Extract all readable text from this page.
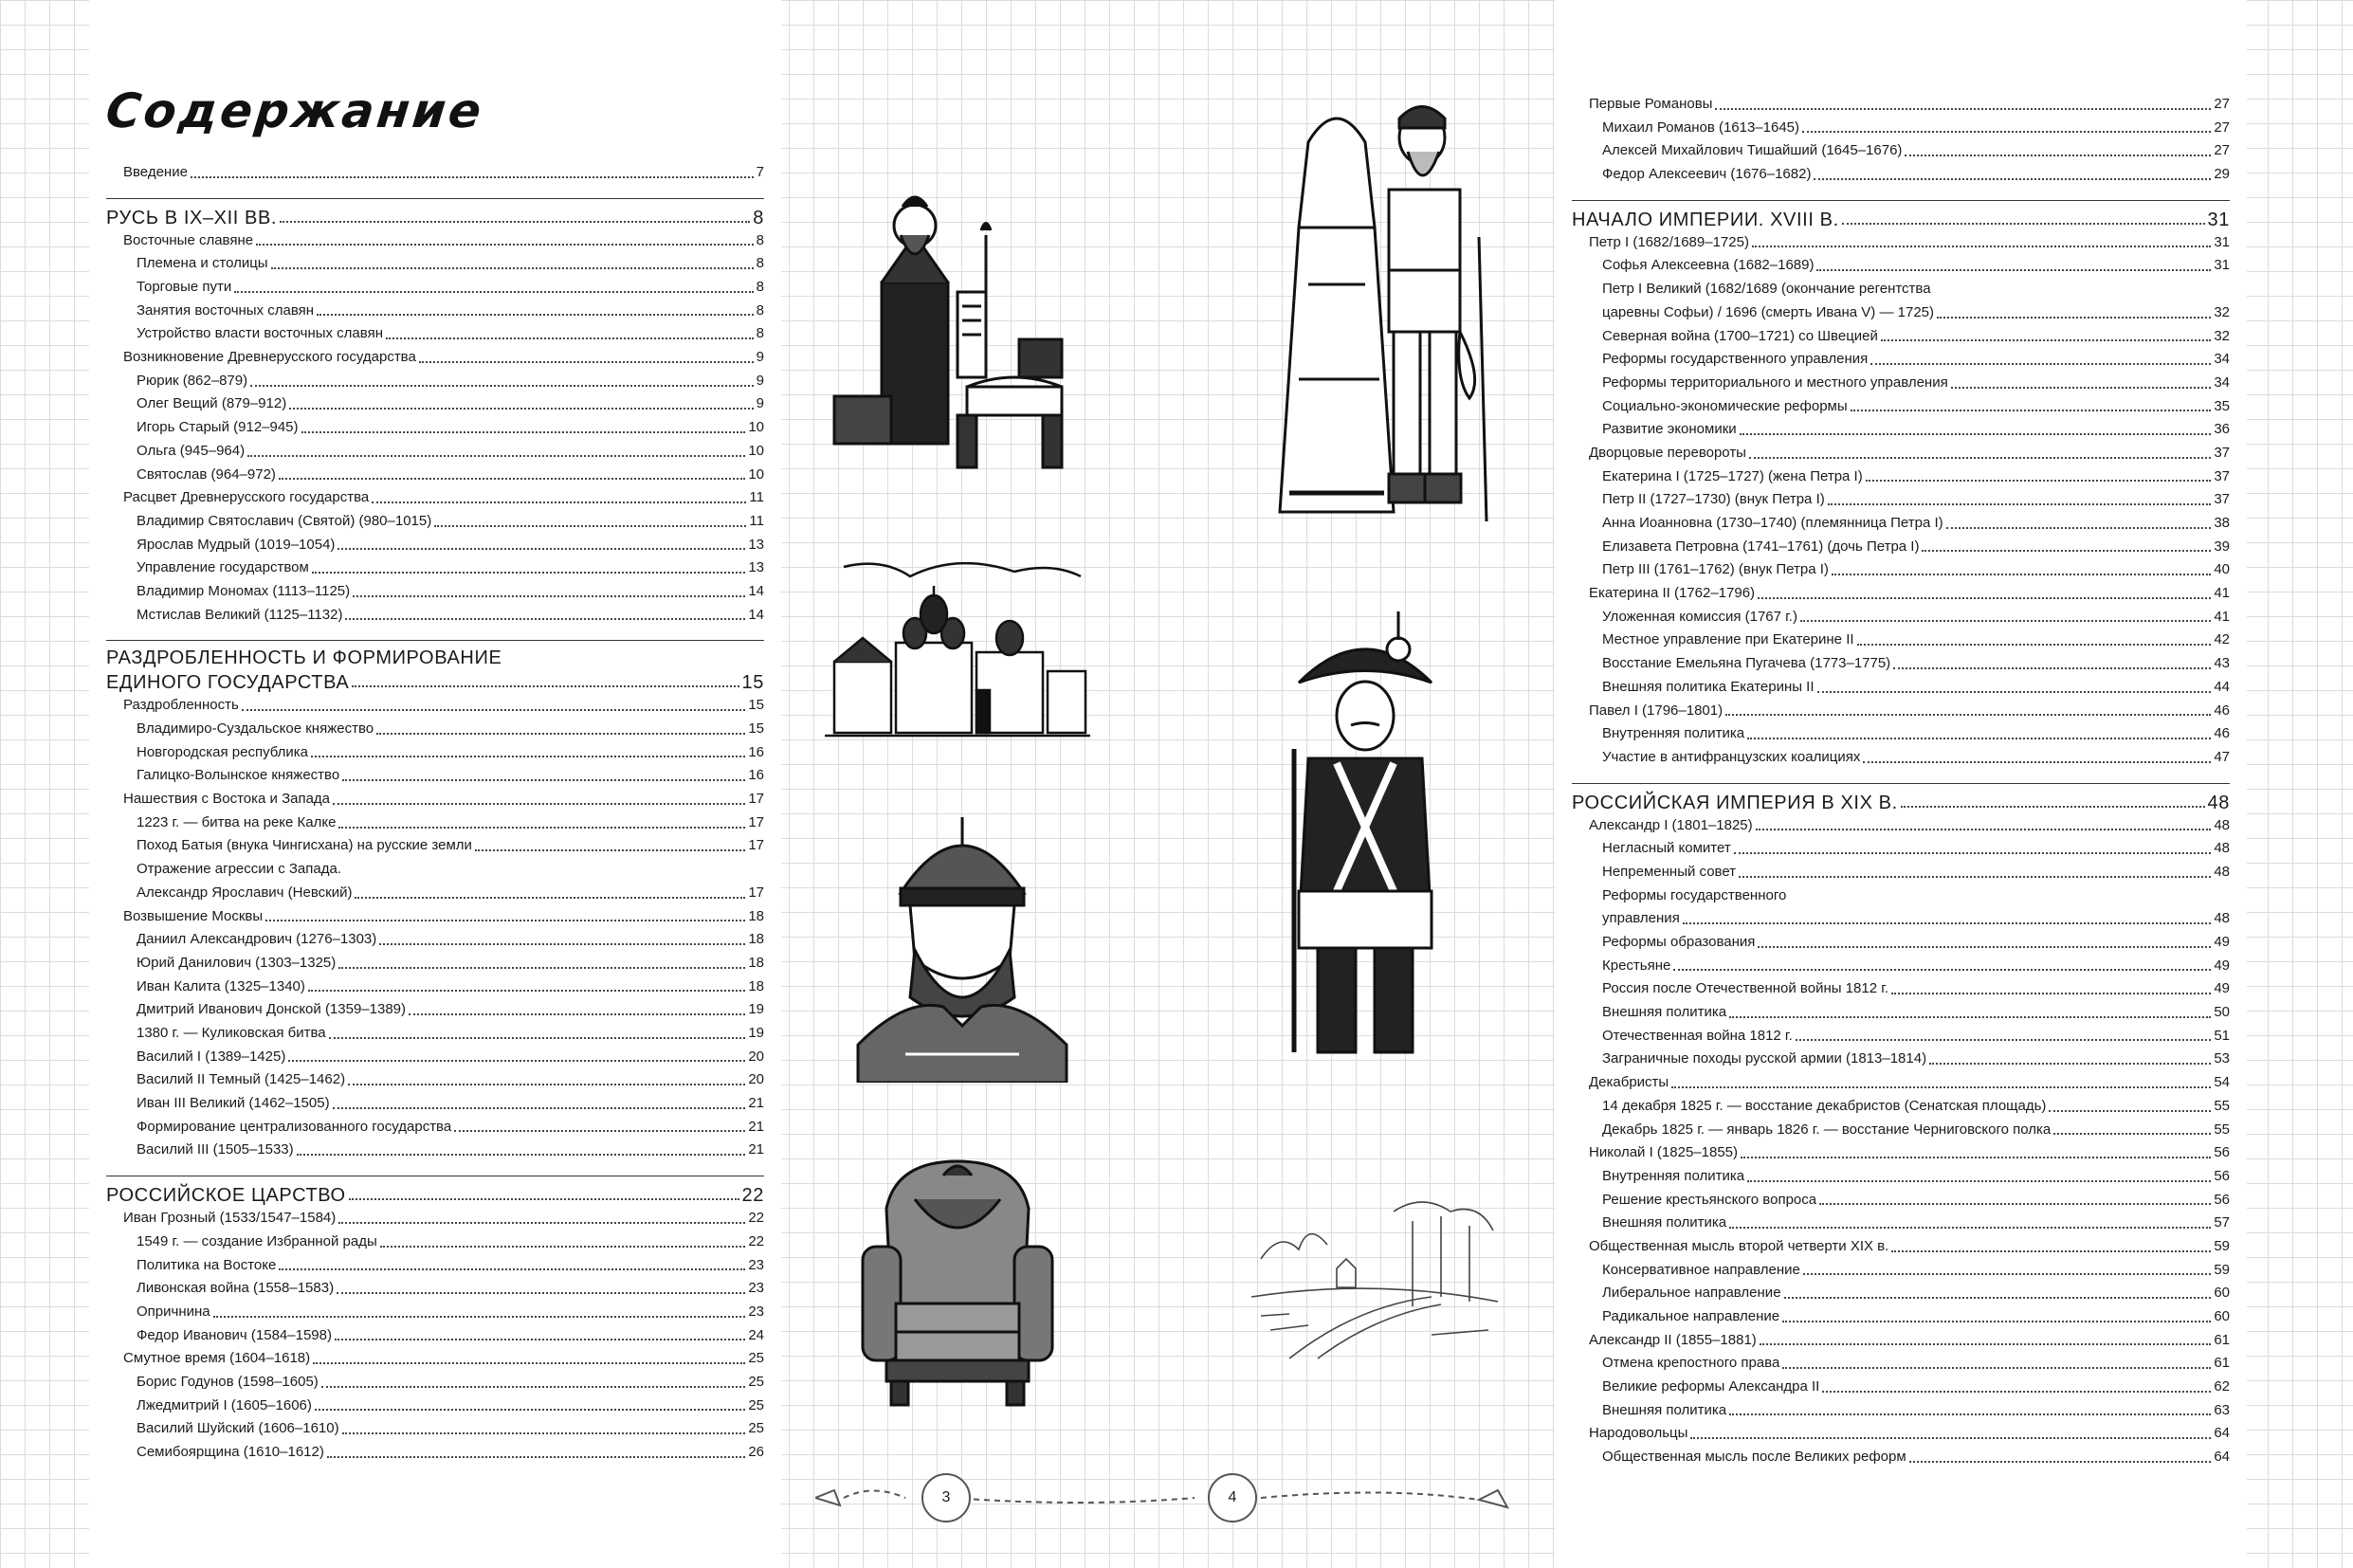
Содержание
Введение	7
РУСЬ В IX–XII ВВ.	8
Восточные славяне	8
Племена и столицы	8
Торговые пути	8
Занятия восточных славян	8
Устройство власти восточных славян	8
Возникновение Древнерусского государства	9
Рюрик (862–879)	9
Олег Вещий (879–912)	9
Игорь Старый (912–945)	10
Ольга (945–964)	10
Святослав (964–972)	10
Расцвет Древнерусского государства	11
Владимир Святославич (Святой) (980–1015)	11
Ярослав Мудрый (1019–1054)	13
Управление государством	13
Владимир Мономах (1113–1125)	14
Мстислав Великий (1125–1132)	14
РАЗДРОБЛЕННОСТЬ И ФОРМИРОВАНИЕ
ЕДИНОГО ГОСУДАРСТВА	15
Раздробленность	15
Владимиро-Суздальское княжество	15
Новгородская республика	16
Галицко-Волынское княжество	16
Нашествия с Востока и Запада	17
1223 г. — битва на реке Калке	17
Поход Батыя (внука Чингисхана) на русские земли	17
Отражение агрессии с Запада.
Александр Ярославич (Невский)	17
Возвышение Москвы	18
Даниил Александрович (1276–1303)	18
Юрий Данилович (1303–1325)	18
Иван Калита (1325–1340)	18
Дмитрий Иванович Донской (1359–1389)	19
1380 г. — Куликовская битва	19
Василий I (1389–1425)	20
Василий II Темный (1425–1462)	20
Иван III Великий (1462–1505)	21
Формирование централизованного государства	21
Василий III (1505–1533)	21
РОССИЙСКОЕ ЦАРСТВО	22
Иван Грозный (1533/1547–1584)	22
1549 г. — создание Избранной рады	22
Политика на Востоке	23
Ливонская война (1558–1583)	23
Опричнина	23
Федор Иванович (1584–1598)	24
Смутное время (1604–1618)	25
Борис Годунов (1598–1605)	25
Лжедмитрий I (1605–1606)	25
Василий Шуйский (1606–1610)	25
Семибоярщина (1610–1612)	26
Первые Романовы	27
Михаил Романов (1613–1645)	27
Алексей Михайлович Тишайший (1645–1676)	27
Федор Алексеевич (1676–1682)	29
НАЧАЛО ИМПЕРИИ. XVIII В.	31
Петр I (1682/1689–1725)	31
Софья Алексеевна (1682–1689)	31
Петр I Великий (1682/1689 (окончание регентства
царевны Софьи) / 1696 (смерть Ивана V) — 1725)	32
Северная война (1700–1721) со Швецией	32
Реформы государственного управления	34
Реформы территориального и местного управления	34
Социально-экономические реформы	35
Развитие экономики	36
Дворцовые перевороты	37
Екатерина I (1725–1727) (жена Петра I)	37
Петр II (1727–1730) (внук Петра I)	37
Анна Иоанновна (1730–1740) (племянница Петра I)	38
Елизавета Петровна (1741–1761) (дочь Петра I)	39
Петр III (1761–1762) (внук Петра I)	40
Екатерина II (1762–1796)	41
Уложенная комиссия (1767 г.)	41
Местное управление при Екатерине II	42
Восстание Емельяна Пугачева (1773–1775)	43
Внешняя политика Екатерины II	44
Павел I (1796–1801)	46
Внутренняя политика	46
Участие в антифранцузских коалициях	47
РОССИЙСКАЯ ИМПЕРИЯ В XIX В.	48
Александр I (1801–1825)	48
Негласный комитет	48
Непременный совет	48
Реформы государственного
управления	48
Реформы образования	49
Крестьяне	49
Россия после Отечественной войны 1812 г.	49
Внешняя политика	50
Отечественная война 1812 г.	51
Заграничные походы русской армии (1813–1814)	53
Декабристы	54
14 декабря 1825 г. — восстание декабристов (Сенатская площадь)	55
Декабрь 1825 г. — январь 1826 г. — восстание Черниговского полка	55
Николай I (1825–1855)	56
Внутренняя политика	56
Решение крестьянского вопроса	56
Внешняя политика	57
Общественная мысль второй четверти XIX в.	59
Консервативное направление	59
Либеральное направление	60
Радикальное направление	60
Александр II (1855–1881)	61
Отмена крепостного права	61
Великие реформы Александра II	62
Внешняя политика	63
Народовольцы	64
Общественная мысль после Великих реформ	64
3	4
